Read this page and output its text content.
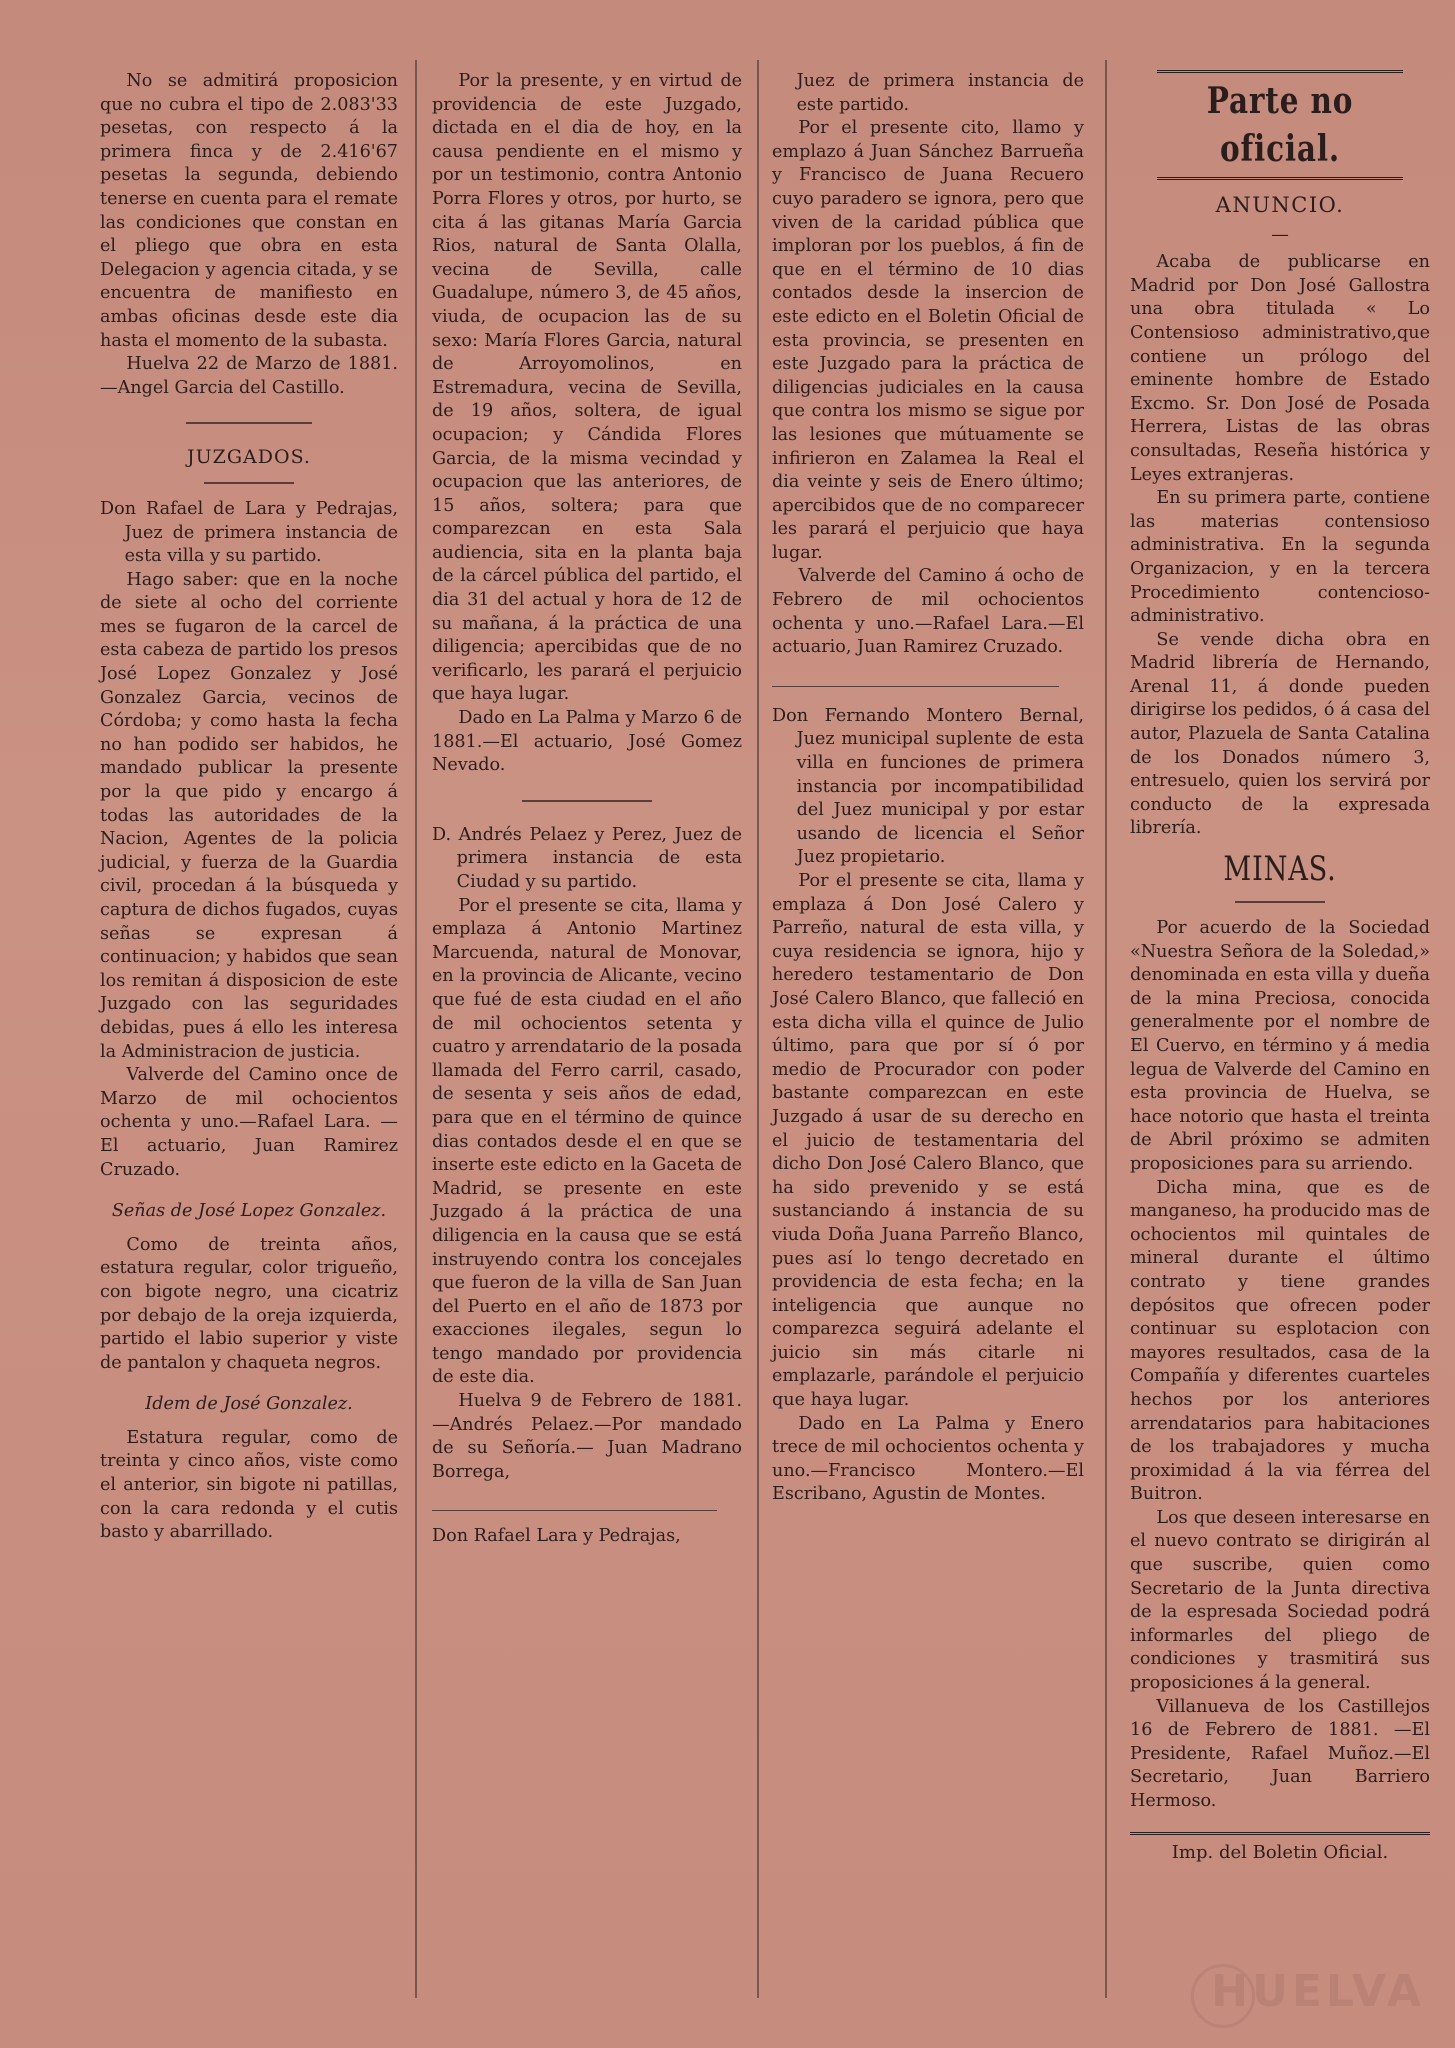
No se admitirá proposicion que no cubra el tipo de 2.083'33 pesetas, con respecto á la primera finca y de 2.416'67 pesetas la segunda, debiendo tenerse en cuenta para el remate las condiciones que constan en el pliego que obra en esta Delegacion y agencia citada, y se encuentra de manifiesto en ambas oficinas desde este dia hasta el momento de la subasta.

Huelva 22 de Marzo de 1881.—Angel Garcia del Castillo.

JUZGADOS.

Don Rafael de Lara y Pedrajas, Juez de primera instancia de esta villa y su partido.

Hago saber: que en la noche de siete al ocho del corriente mes se fugaron de la carcel de esta cabeza de partido los presos José Lopez Gonzalez y José Gonzalez Garcia, vecinos de Córdoba; y como hasta la fecha no han podido ser habidos, he mandado publicar la presente por la que pido y encargo á todas las autoridades de la Nacion, Agentes de la policia judicial, y fuerza de la Guardia civil, procedan á la búsqueda y captura de dichos fugados, cuyas señas se expresan á continuacion; y habidos que sean los remitan á disposicion de este Juzgado con las seguridades debidas, pues á ello les interesa la Administracion de justicia.

Valverde del Camino once de Marzo de mil ochocientos ochenta y uno.—Rafael Lara. —El actuario, Juan Ramirez Cruzado.

Señas de José Lopez Gonzalez.

Como de treinta años, estatura regular, color trigueño, con bigote negro, una cicatriz por debajo de la oreja izquierda, partido el labio superior y viste de pantalon y chaqueta negros.

Idem de José Gonzalez.

Estatura regular, como de treinta y cinco años, viste como el anterior, sin bigote ni patillas, con la cara redonda y el cutis basto y abarrillado.

Por la presente, y en virtud de providencia de este Juzgado, dictada en el dia de hoy, en la causa pendiente en el mismo y por un testimonio, contra Antonio Porra Flores y otros, por hurto, se cita á las gitanas María Garcia Rios, natural de Santa Olalla, vecina de Sevilla, calle Guadalupe, número 3, de 45 años, viuda, de ocupacion las de su sexo: María Flores Garcia, natural de Arroyomolinos, en Estremadura, vecina de Sevilla, de 19 años, soltera, de igual ocupacion; y Cándida Flores Garcia, de la misma vecindad y ocupacion que las anteriores, de 15 años, soltera; para que comparezcan en esta Sala audiencia, sita en la planta baja de la cárcel pública del partido, el dia 31 del actual y hora de 12 de su mañana, á la práctica de una diligencia; apercibidas que de no verificarlo, les parará el perjuicio que haya lugar.

Dado en La Palma y Marzo 6 de 1881.—El actuario, José Gomez Nevado.

D. Andrés Pelaez y Perez, Juez de primera instancia de esta Ciudad y su partido.

Por el presente se cita, llama y emplaza á Antonio Martinez Marcuenda, natural de Monovar, en la provincia de Alicante, vecino que fué de esta ciudad en el año de mil ochocientos setenta y cuatro y arrendatario de la posada llamada del Ferro carril, casado, de sesenta y seis años de edad, para que en el término de quince dias contados desde el en que se inserte este edicto en la Gaceta de Madrid, se presente en este Juzgado á la práctica de una diligencia en la causa que se está instruyendo contra los concejales que fueron de la villa de San Juan del Puerto en el año de 1873 por exacciones ilegales, segun lo tengo mandado por providencia de este dia.

Huelva 9 de Febrero de 1881.—Andrés Pelaez.—Por mandado de su Señoría.— Juan Madrano Borrega,

Don Rafael Lara y Pedrajas,

Juez de primera instancia de este partido.

Por el presente cito, llamo y emplazo á Juan Sánchez Barrueña y Francisco de Juana Recuero cuyo paradero se ignora, pero que viven de la caridad pública que imploran por los pueblos, á fin de que en el término de 10 dias contados desde la insercion de este edicto en el Boletin Oficial de esta provincia, se presenten en este Juzgado para la práctica de diligencias judiciales en la causa que contra los mismo se sigue por las lesiones que mútuamente se infirieron en Zalamea la Real el dia veinte y seis de Enero último; apercibidos que de no comparecer les parará el perjuicio que haya lugar.

Valverde del Camino á ocho de Febrero de mil ochocientos ochenta y uno.—Rafael Lara.—El actuario, Juan Ramirez Cruzado.

Don Fernando Montero Bernal, Juez municipal suplente de esta villa en funciones de primera instancia por incompatibilidad del Juez municipal y por estar usando de licencia el Señor Juez propietario.

Por el presente se cita, llama y emplaza á Don José Calero y Parreño, natural de esta villa, y cuya residencia se ignora, hijo y heredero testamentario de Don José Calero Blanco, que falleció en esta dicha villa el quince de Julio último, para que por sí ó por medio de Procurador con poder bastante comparezcan en este Juzgado á usar de su derecho en el juicio de testamentaria del dicho Don José Calero Blanco, que ha sido prevenido y se está sustanciando á instancia de su viuda Doña Juana Parreño Blanco, pues así lo tengo decretado en providencia de esta fecha; en la inteligencia que aunque no comparezca seguirá adelante el juicio sin más citarle ni emplazarle, parándole el perjuicio que haya lugar.

Dado en La Palma y Enero trece de mil ochocientos ochenta y uno.—Francisco Montero.—El Escribano, Agustin de Montes.

Parte no oficial.

ANUNCIO.

—

Acaba de publicarse en Madrid por Don José Gallostra una obra titulada « Lo Contensioso administrativo,que contiene un prólogo del eminente hombre de Estado Excmo. Sr. Don José de Posada Herrera, Listas de las obras consultadas, Reseña histórica y Leyes extranjeras.

En su primera parte, contiene las materias contensioso administrativa. En la segunda Organizacion, y en la tercera Procedimiento contencioso-administrativo.

Se vende dicha obra en Madrid librería de Hernando, Arenal 11, á donde pueden dirigirse los pedidos, ó á casa del autor, Plazuela de Santa Catalina de los Donados número 3, entresuelo, quien los servirá por conducto de la expresada librería.

MINAS.

Por acuerdo de la Sociedad «Nuestra Señora de la Soledad,» denominada en esta villa y dueña de la mina Preciosa, conocida generalmente por el nombre de El Cuervo, en término y á media legua de Valverde del Camino en esta provincia de Huelva, se hace notorio que hasta el treinta de Abril próximo se admiten proposiciones para su arriendo.

Dicha mina, que es de manganeso, ha producido mas de ochocientos mil quintales de mineral durante el último contrato y tiene grandes depósitos que ofrecen poder continuar su esplotacion con mayores resultados, casa de la Compañía y diferentes cuarteles hechos por los anteriores arrendatarios para habitaciones de los trabajadores y mucha proximidad á la via férrea del Buitron.

Los que deseen interesarse en el nuevo contrato se dirigirán al que suscribe, quien como Secretario de la Junta directiva de la espresada Sociedad podrá informarles del pliego de condiciones y trasmitirá sus proposiciones á la general.

Villanueva de los Castillejos 16 de Febrero de 1881. —El Presidente, Rafael Muñoz.—El Secretario, Juan Barriero Hermoso.

Imp. del Boletin Oficial.

HUELVA
